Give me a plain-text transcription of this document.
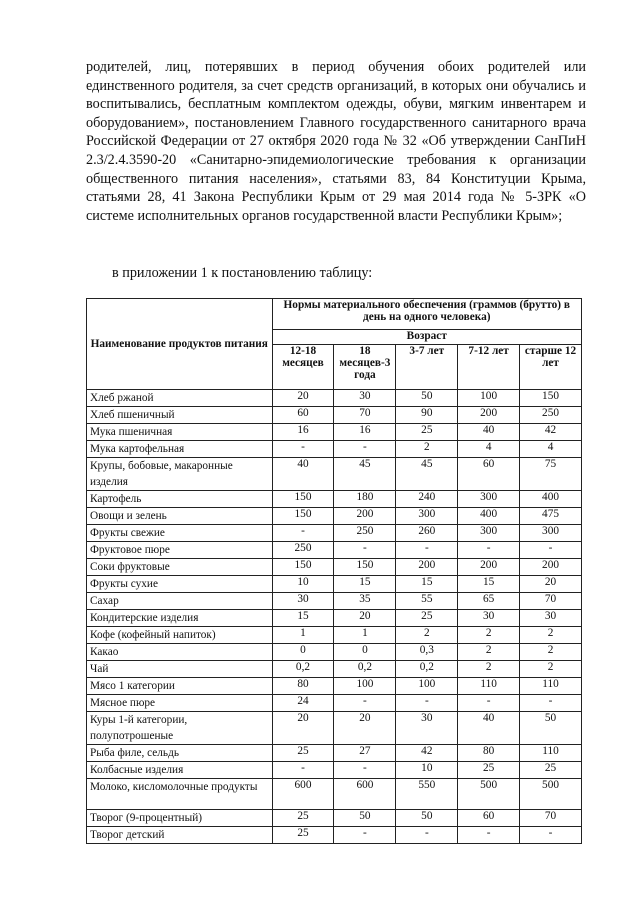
родителей, лиц, потерявших в период обучения обоих родителей или единственного родителя, за счет средств организаций, в которых они обучались и воспитывались, бесплатным комплектом одежды, обуви, мягким инвентарем и оборудованием», постановлением Главного государственного санитарного врача Российской Федерации от 27 октября 2020 года № 32 «Об утверждении СанПиН 2.3/2.4.3590-20 «Санитарно-эпидемиологические требования к организации общественного питания населения», статьями 83, 84 Конституции Крыма, статьями 28, 41 Закона Республики Крым от 29 мая 2014 года № 5-ЗРК «О системе исполнительных органов государственной власти Республики Крым»;
в приложении 1 к постановлению таблицу:
Наименование продуктов питания	Нормы материального обеспечения (граммов (брутто) в день на одного человека)				
	Возраст				
	12-18 месяцев	18 месяцев-3 года	3-7 лет	7-12 лет	старше 12 лет
Хлеб ржаной	20	30	50	100	150
Хлеб пшеничный	60	70	90	200	250
Мука пшеничная	16	16	25	40	42
Мука картофельная	-	-	2	4	4
Крупы, бобовые, макаронные изделия	40	45	45	60	75
Картофель	150	180	240	300	400
Овощи и зелень	150	200	300	400	475
Фрукты свежие	-	250	260	300	300
Фруктовое пюре	250	-	-	-	-
Соки фруктовые	150	150	200	200	200
Фрукты сухие	10	15	15	15	20
Сахар	30	35	55	65	70
Кондитерские изделия	15	20	25	30	30
Кофе (кофейный напиток)	1	1	2	2	2
Какао	0	0	0,3	2	2
Чай	0,2	0,2	0,2	2	2
Мясо 1 категории	80	100	100	110	110
Мясное пюре	24	-	-	-	-
Куры 1-й категории, полупотрошеные	20	20	30	40	50
Рыба филе, сельдь	25	27	42	80	110
Колбасные изделия	-	-	10	25	25
Молоко, кисломолочные продукты	600	600	550	500	500
Творог (9-процентный)	25	50	50	60	70
Творог детский	25	-	-	-	-
